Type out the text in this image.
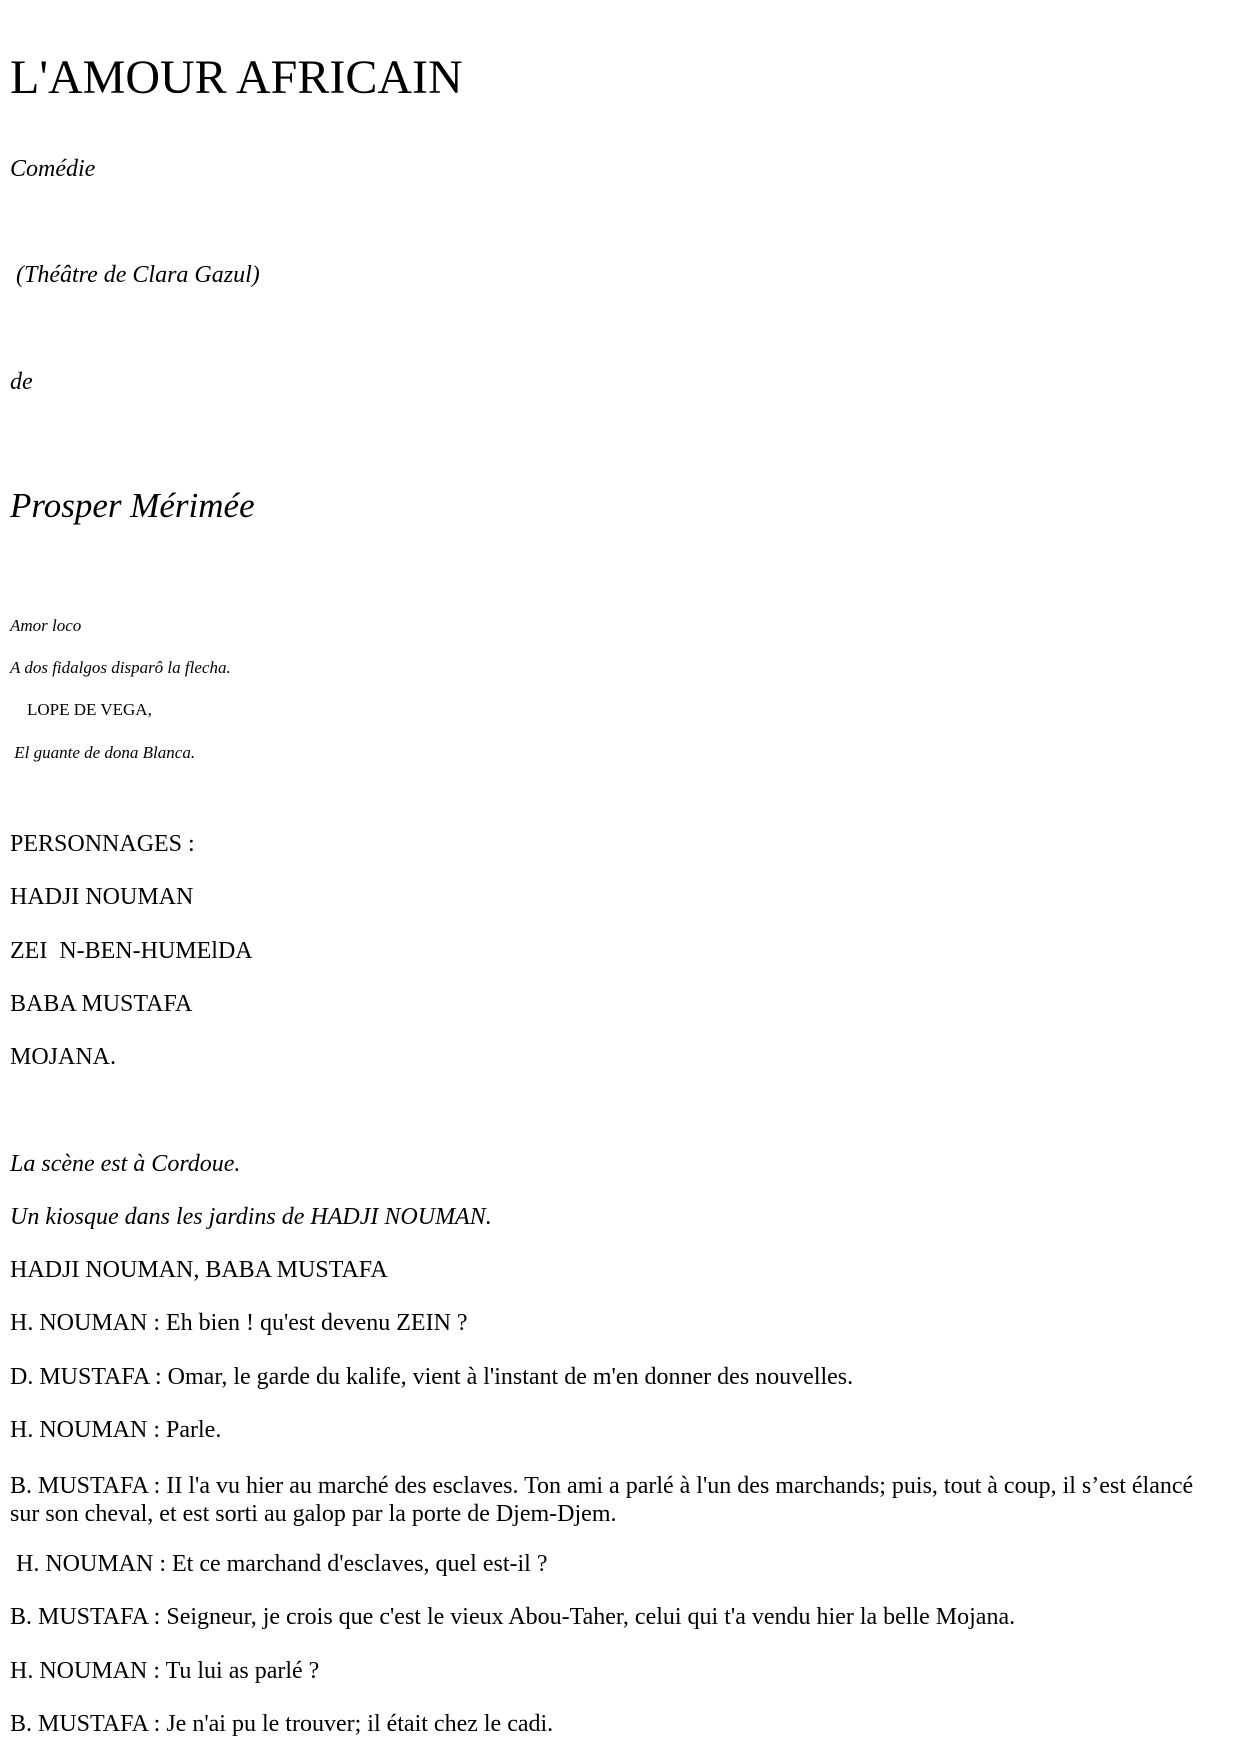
L'AMOUR AFRICAIN

Comédie

(Théâtre de Clara Gazul)

de

Prosper Mérimée

Amor loco

A dos fidalgos disparô la flecha.

LOPE DE VEGA,

El guante de dona Blanca.

PERSONNAGES :

HADJI NOUMAN

ZEI  N-BEN-HUMElDA

BABA MUSTAFA

MOJANA.

La scène est à Cordoue.

Un kiosque dans les jardins de HADJI NOUMAN.

HADJI NOUMAN, BABA MUSTAFA

H. NOUMAN : Eh bien ! qu'est devenu ZEIN ?

D. MUSTAFA : Omar, le garde du kalife, vient à l'instant de m'en donner des nouvelles.

H. NOUMAN : Parle.

B. MUSTAFA : II l'a vu hier au marché des esclaves. Ton ami a parlé à l'un des marchands; puis, tout à coup, il s’est élancé sur son cheval, et est sorti au galop par la porte de Djem-Djem.

H. NOUMAN : Et ce marchand d'esclaves, quel est-il ?

B. MUSTAFA : Seigneur, je crois que c'est le vieux Abou-Taher, celui qui t'a vendu hier la belle Mojana.

H. NOUMAN : Tu lui as parlé ?

B. MUSTAFA : Je n'ai pu le trouver; il était chez le cadi.
